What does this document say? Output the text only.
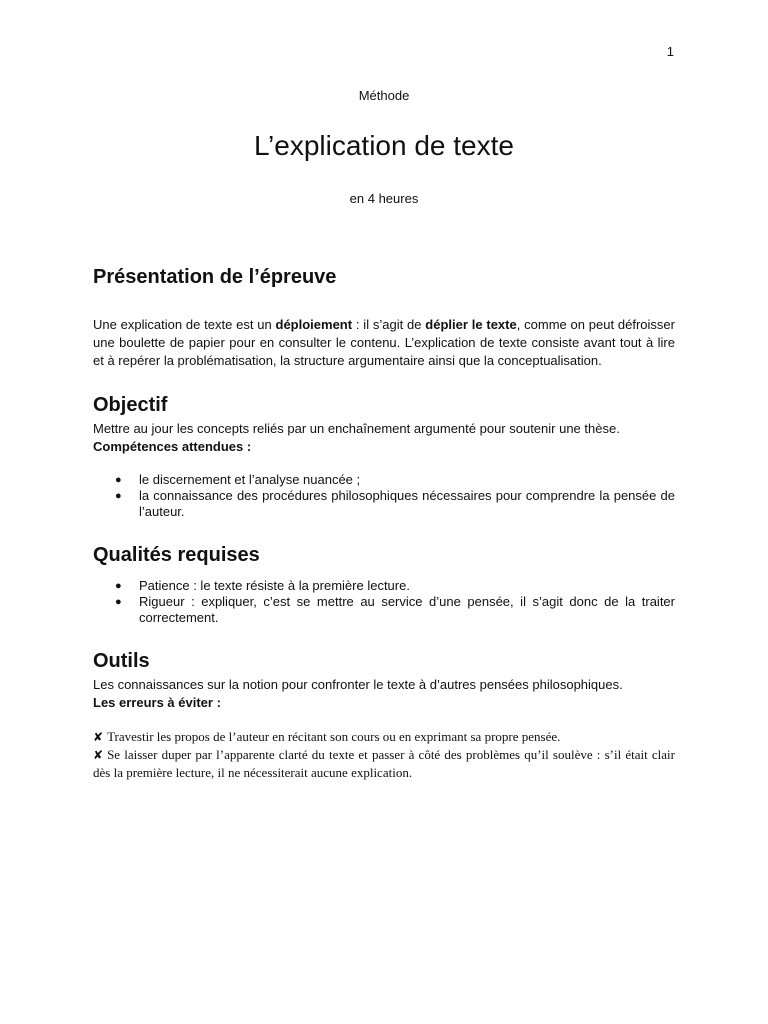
1
Méthode
L’explication de texte
en 4 heures
Présentation de l’épreuve

Une explication de texte est un déploiement : il s’agit de déplier le texte, comme on peut défroisser une boulette de papier pour en consulter le contenu. L’explication de texte consiste avant tout à lire et à repérer la problématisation, la structure argumentaire ainsi que la conceptualisation.

Objectif

Mettre au jour les concepts reliés par un enchaînement argumenté pour soutenir une thèse.

Compétences attendues :

● le discernement et l’analyse nuancée ;
● la connaissance des procédures philosophiques nécessaires pour comprendre la pensée de l’auteur.
Qualités requises
● Patience : le texte résiste à la première lecture.
● Rigueur : expliquer, c’est se mettre au service d’une pensée, il s’agit donc de la traiter correctement.
Outils

Les connaissances sur la notion pour confronter le texte à d’autres pensées philosophiques.

Les erreurs à éviter :

✘ Travestir les propos de l’auteur en récitant son cours ou en exprimant sa propre pensée.
✘ Se laisser duper par l’apparente clarté du texte et passer à côté des problèmes qu’il soulève : s’il était clair dès la première lecture, il ne nécessiterait aucune explication.
